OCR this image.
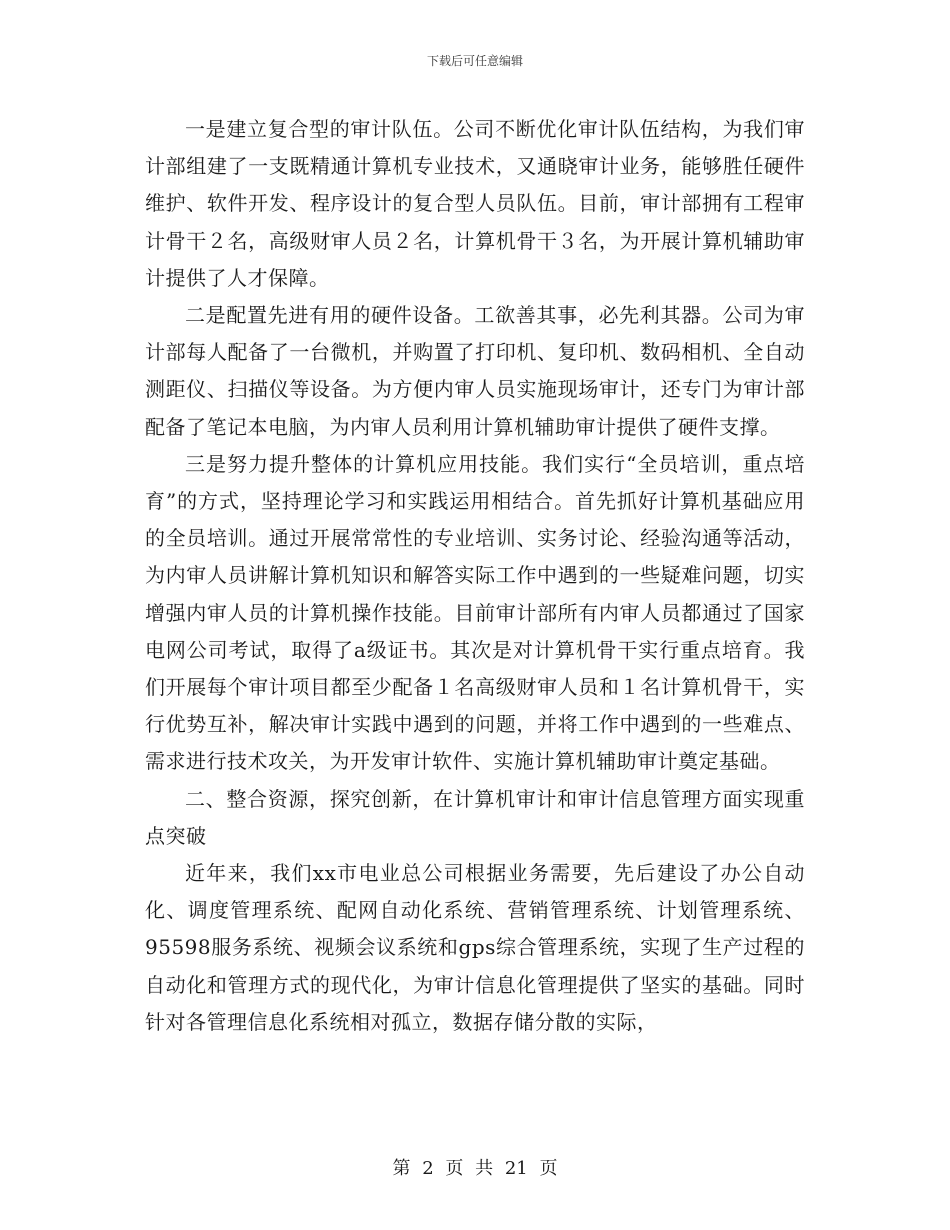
下载后可任意编辑

一是建立复合型的审计队伍。公司不断优化审计队伍结构，为我们审计部组建了一支既精通计算机专业技术，又通晓审计业务，能够胜任硬件维护、软件开发、程序设计的复合型人员队伍。目前，审计部拥有工程审计骨干２名，高级财审人员２名，计算机骨干３名，为开展计算机辅助审计提供了人才保障。

二是配置先进有用的硬件设备。工欲善其事，必先利其器。公司为审计部每人配备了一台微机，并购置了打印机、复印机、数码相机、全自动测距仪、扫描仪等设备。为方便内审人员实施现场审计，还专门为审计部配备了笔记本电脑，为内审人员利用计算机辅助审计提供了硬件支撑。

三是努力提升整体的计算机应用技能。我们实行“全员培训，重点培育”的方式，坚持理论学习和实践运用相结合。首先抓好计算机基础应用的全员培训。通过开展常常性的专业培训、实务讨论、经验沟通等活动，为内审人员讲解计算机知识和解答实际工作中遇到的一些疑难问题，切实增强内审人员的计算机操作技能。目前审计部所有内审人员都通过了国家电网公司考试，取得了a级证书。其次是对计算机骨干实行重点培育。我们开展每个审计项目都至少配备１名高级财审人员和１名计算机骨干，实行优势互补，解决审计实践中遇到的问题，并将工作中遇到的一些难点、需求进行技术攻关，为开发审计软件、实施计算机辅助审计奠定基础。

二、整合资源，探究创新，在计算机审计和审计信息管理方面实现重点突破

近年来，我们xx市电业总公司根据业务需要，先后建设了办公自动化、调度管理系统、配网自动化系统、营销管理系统、计划管理系统、95598服务系统、视频会议系统和gps综合管理系统，实现了生产过程的自动化和管理方式的现代化，为审计信息化管理提供了坚实的基础。同时针对各管理信息化系统相对孤立，数据存储分散的实际，

第 2 页 共 21 页
